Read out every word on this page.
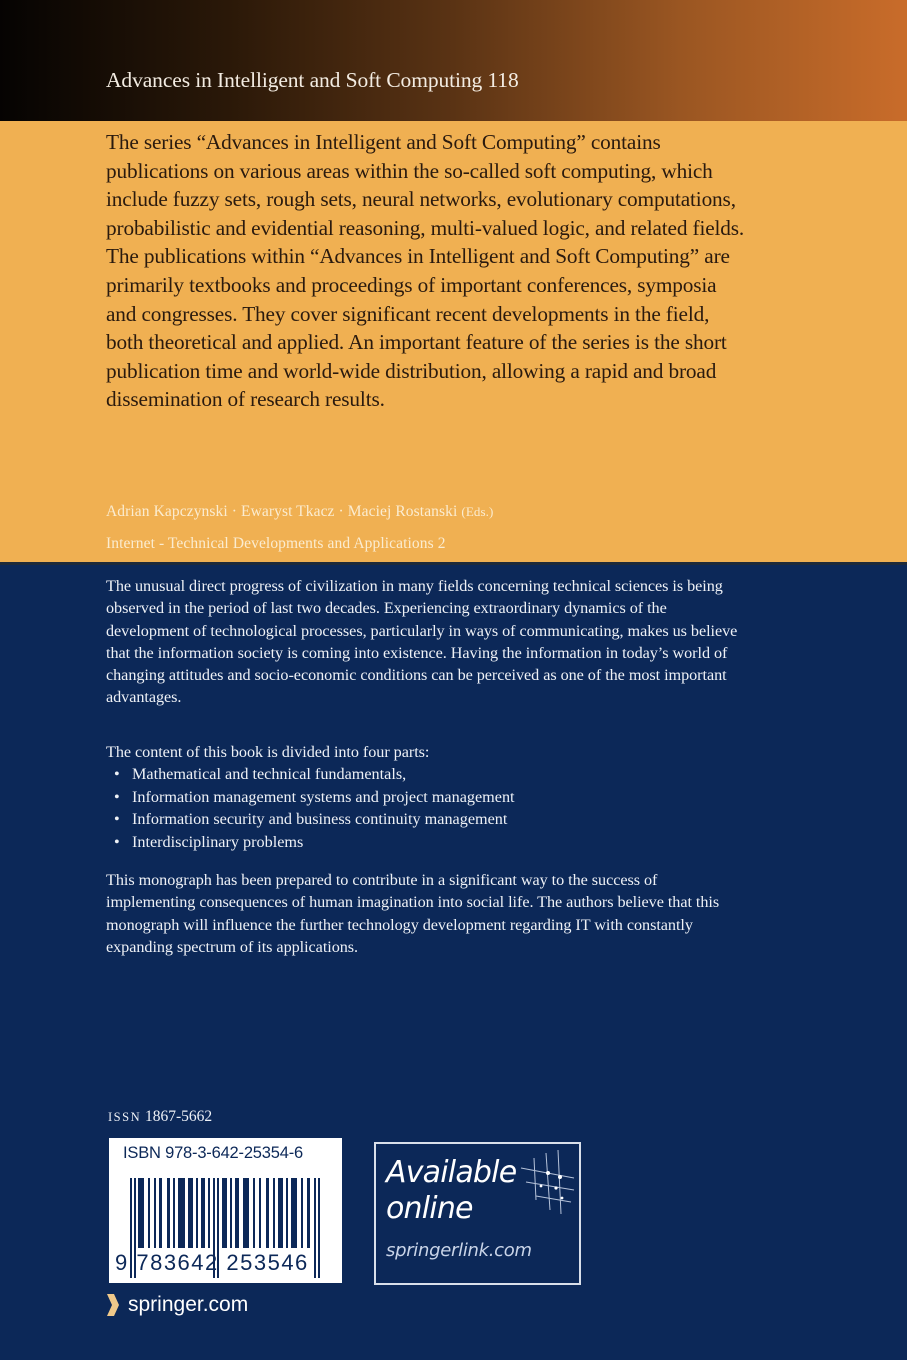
Advances in Intelligent and Soft Computing 118

The series “Advances in Intelligent and Soft Computing” contains publications on various areas within the so-called soft computing, which include fuzzy sets, rough sets, neural networks, evolutionary computations, probabilistic and evidential reasoning, multi-valued logic, and related fields. The publications within “Advances in Intelligent and Soft Computing” are primarily textbooks and proceedings of important conferences, symposia and congresses. They cover significant recent developments in the field, both theoretical and applied. An important feature of the series is the short publication time and world-wide distribution, allowing a rapid and broad dissemination of research results.

Adrian Kapczynski · Ewaryst Tkacz · Maciej Rostanski (Eds.)
Internet - Technical Developments and Applications 2

The unusual direct progress of civilization in many fields concerning technical sciences is being observed in the period of last two decades. Experiencing extraordinary dynamics of the development of technological processes, particularly in ways of communicating, makes us believe that the information society is coming into existence. Having the information in today’s world of changing attitudes and socio-economic conditions can be perceived as one of the most important advantages.

The content of this book is divided into four parts:

• Mathematical and technical fundamentals,
• Information management systems and project management
• Information security and business continuity management
• Interdisciplinary problems

This monograph has been prepared to contribute in a significant way to the success of implementing consequences of human imagination into social life. The authors believe that this monograph will influence the further technology development regarding IT with constantly expanding spectrum of its applications.

ISSN 1867-5662
ISBN 978-3-642-25354-6
9 783642 253546
Available
online
springerlink.com
springer.com
